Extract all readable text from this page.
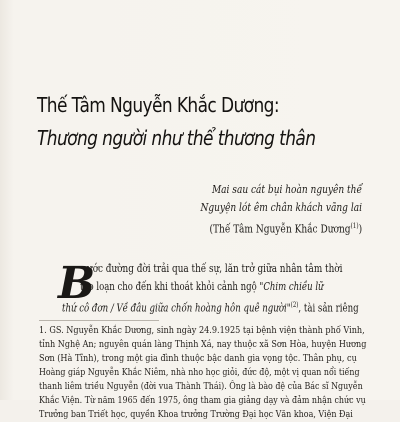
Thế Tâm Nguyễn Khắc Dương:
Thương người như thể thương thân
Mai sau cát bụi hoàn nguyên thể
Nguyện lót êm chân khách vãng lai
(Thế Tâm Nguyễn Khắc Dương$^{(1)}$)
B
ước đường đời trải qua thế sự, lăn trở giữa nhân tâm thời
tao loạn cho đến khi thoát khỏi cảnh ngộ "Chim chiều lữ
thứ cô đơn / Về đâu giữa chốn hoàng hôn quê người"$^{(2)}$, tài sản riêng
1. GS. Nguyễn Khắc Dương, sinh ngày 24.9.1925 tại bệnh viện thành phố Vinh,
tỉnh Nghệ An; nguyên quán làng Thịnh Xá, nay thuộc xã Sơn Hòa, huyện Hương
Sơn (Hà Tĩnh), trong một gia đình thuộc bậc danh gia vọng tộc. Thân phụ, cụ
Hoàng giáp Nguyễn Khắc Niêm, nhà nho học giỏi, đức độ, một vị quan nổi tiếng
thanh liêm triều Nguyễn (đời vua Thành Thái). Ông là bào đệ của Bác sĩ Nguyễn
Khắc Viện. Từ năm 1965 đến 1975, ông tham gia giảng dạy và đảm nhận chức vụ
Trưởng ban Triết học, quyền Khoa trưởng Trường Đại học Văn khoa, Viện Đại
